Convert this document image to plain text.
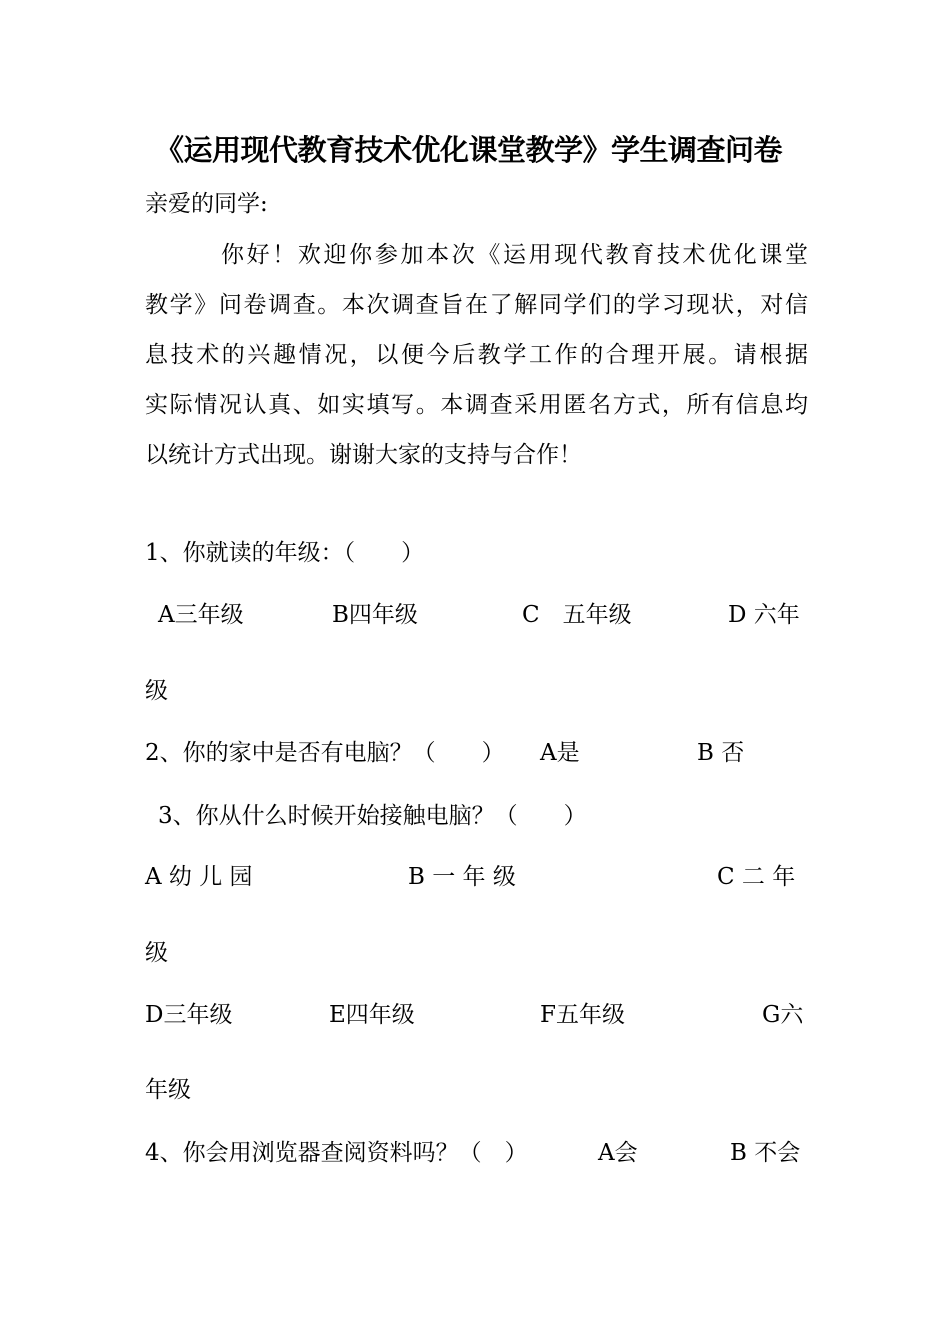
《运用现代教育技术优化课堂教学》学生调查问卷
亲爱的同学:
你好！欢迎你参加本次《运用现代教育技术优化课堂
教学》问卷调查。本次调查旨在了解同学们的学习现状，对信
息技术的兴趣情况，以便今后教学工作的合理开展。请根据
实际情况认真、如实填写。本调查采用匿名方式，所有信息均
以统计方式出现。谢谢大家的支持与合作！
1、你就读的年级：（　　）
A三年级	B四年级	C　五年级	D 六年
级
2、你的家中是否有电脑？（　　） A是	B 否
3、你从什么时候开始接触电脑？（　　）
A 幼 儿 园	B 一 年 级	C 二 年
级
D三年级	E四年级	F五年级	G六
年级
4、你会用浏览器查阅资料吗？（　）	A会	B 不会
